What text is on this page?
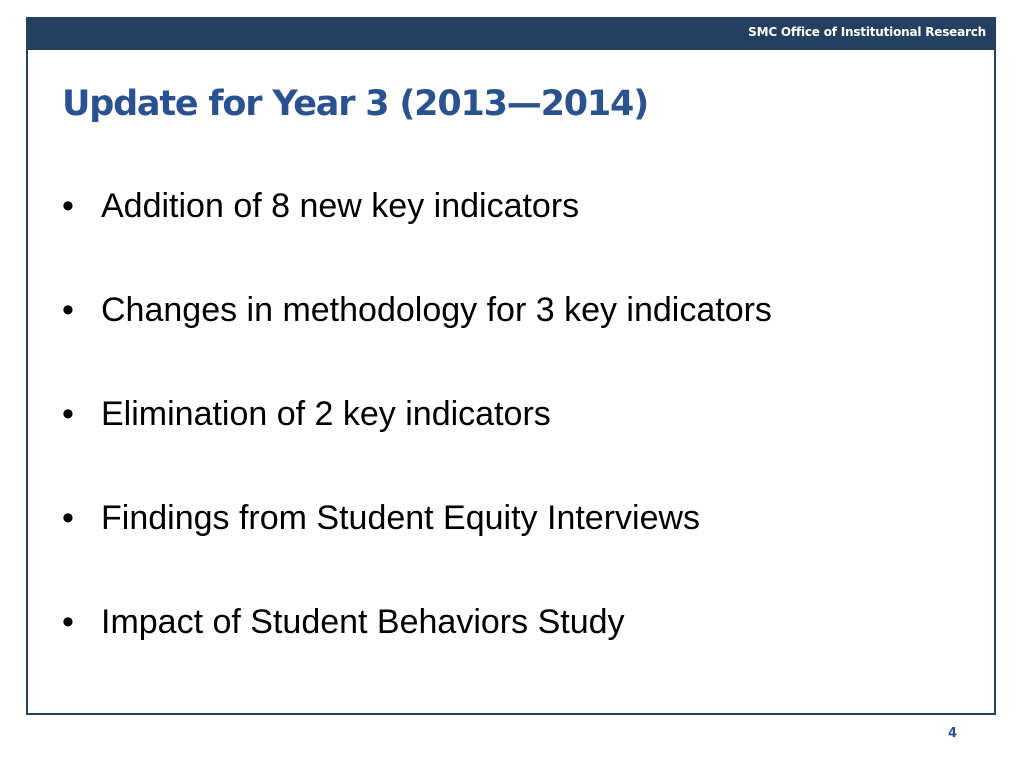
SMC Office of Institutional Research
Update for Year 3 (2013—2014)
• Addition of 8 new key indicators
• Changes in methodology for 3 key indicators
• Elimination of 2 key indicators
• Findings from Student Equity Interviews
• Impact of Student Behaviors Study
4
